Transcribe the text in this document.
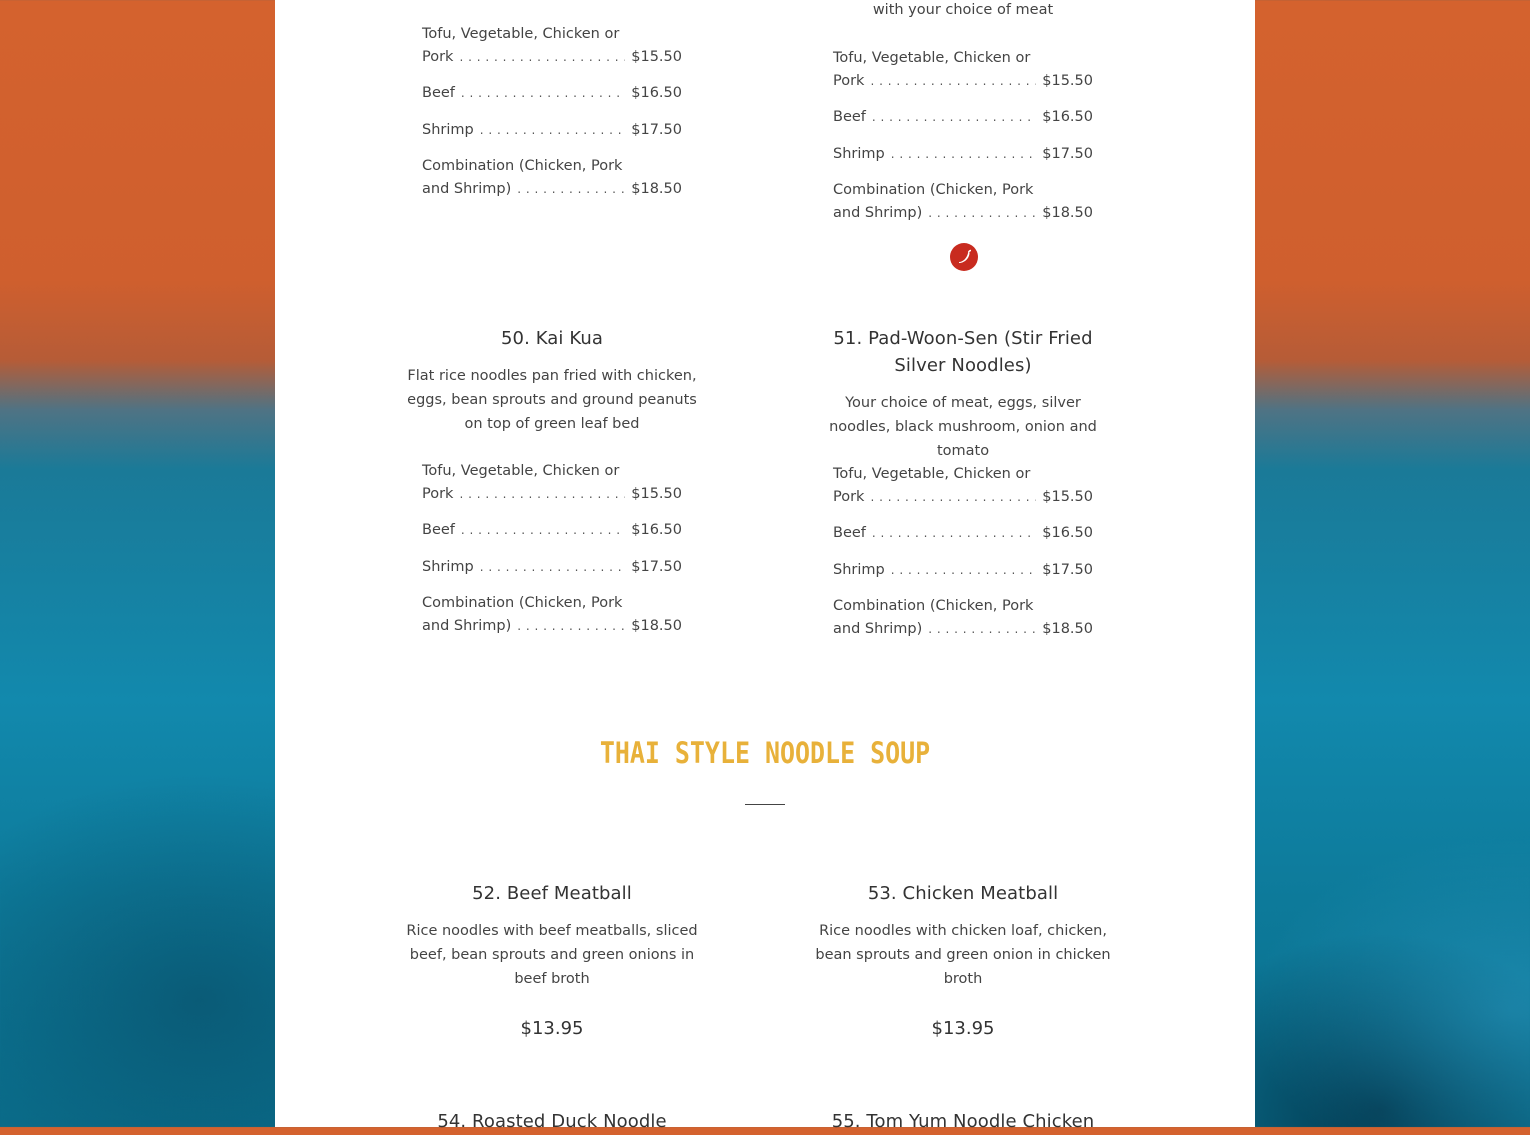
Tofu, Vegetable, Chicken or
Pork . . .	$15.50
Beef . . .	$16.50
Shrimp . . .	$17.50
Combination (Chicken, Pork
and Shrimp) . . .	$18.50
with your choice of meat
Tofu, Vegetable, Chicken or
Pork . . .	$15.50
Beef . . .	$16.50
Shrimp . . .	$17.50
Combination (Chicken, Pork
and Shrimp) . . .	$18.50
50. Kai Kua
Flat rice noodles pan fried with chicken, eggs, bean sprouts and ground peanuts on top of green leaf bed
Tofu, Vegetable, Chicken or
Pork . . .	$15.50
Beef . . .	$16.50
Shrimp . . .	$17.50
Combination (Chicken, Pork
and Shrimp) . . .	$18.50
51. Pad-Woon-Sen (Stir Fried Silver Noodles)
Your choice of meat, eggs, silver noodles, black mushroom, onion and tomato
Tofu, Vegetable, Chicken or
Pork . . .	$15.50
Beef . . .	$16.50
Shrimp . . .	$17.50
Combination (Chicken, Pork
and Shrimp) . . .	$18.50
THAI STYLE NOODLE SOUP
52. Beef Meatball
Rice noodles with beef meatballs, sliced beef, bean sprouts and green onions in beef broth
$13.95
53. Chicken Meatball
Rice noodles with chicken loaf, chicken, bean sprouts and green onion in chicken broth
$13.95
54. Roasted Duck Noodle	55. Tom Yum Noodle Chicken
